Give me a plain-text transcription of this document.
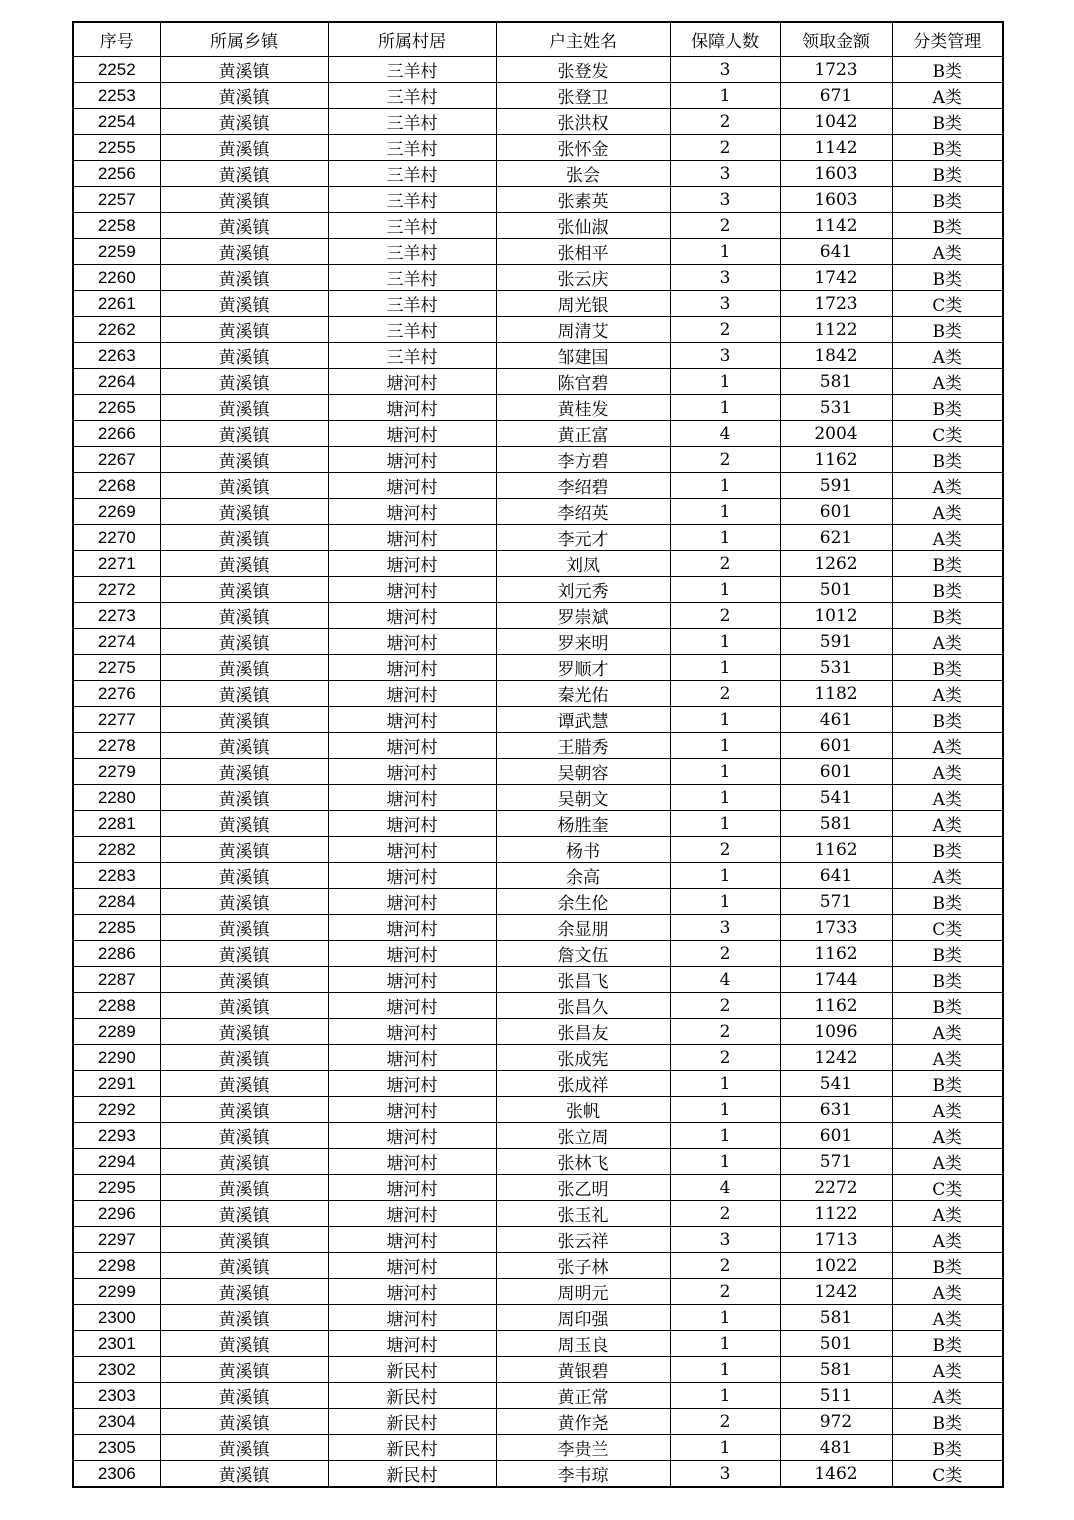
序号	所属乡镇	所属村居	户主姓名	保障人数	领取金额	分类管理
2252	黄溪镇	三羊村	张登发	3	1723	B类
2253	黄溪镇	三羊村	张登卫	1	671	A类
2254	黄溪镇	三羊村	张洪权	2	1042	B类
2255	黄溪镇	三羊村	张怀金	2	1142	B类
2256	黄溪镇	三羊村	张会	3	1603	B类
2257	黄溪镇	三羊村	张素英	3	1603	B类
2258	黄溪镇	三羊村	张仙淑	2	1142	B类
2259	黄溪镇	三羊村	张相平	1	641	A类
2260	黄溪镇	三羊村	张云庆	3	1742	B类
2261	黄溪镇	三羊村	周光银	3	1723	C类
2262	黄溪镇	三羊村	周清艾	2	1122	B类
2263	黄溪镇	三羊村	邹建国	3	1842	A类
2264	黄溪镇	塘河村	陈官碧	1	581	A类
2265	黄溪镇	塘河村	黄桂发	1	531	B类
2266	黄溪镇	塘河村	黄正富	4	2004	C类
2267	黄溪镇	塘河村	李方碧	2	1162	B类
2268	黄溪镇	塘河村	李绍碧	1	591	A类
2269	黄溪镇	塘河村	李绍英	1	601	A类
2270	黄溪镇	塘河村	李元才	1	621	A类
2271	黄溪镇	塘河村	刘凤	2	1262	B类
2272	黄溪镇	塘河村	刘元秀	1	501	B类
2273	黄溪镇	塘河村	罗崇斌	2	1012	B类
2274	黄溪镇	塘河村	罗来明	1	591	A类
2275	黄溪镇	塘河村	罗顺才	1	531	B类
2276	黄溪镇	塘河村	秦光佑	2	1182	A类
2277	黄溪镇	塘河村	谭武慧	1	461	B类
2278	黄溪镇	塘河村	王腊秀	1	601	A类
2279	黄溪镇	塘河村	吴朝容	1	601	A类
2280	黄溪镇	塘河村	吴朝文	1	541	A类
2281	黄溪镇	塘河村	杨胜奎	1	581	A类
2282	黄溪镇	塘河村	杨书	2	1162	B类
2283	黄溪镇	塘河村	余高	1	641	A类
2284	黄溪镇	塘河村	余生伦	1	571	B类
2285	黄溪镇	塘河村	余显朋	3	1733	C类
2286	黄溪镇	塘河村	詹文伍	2	1162	B类
2287	黄溪镇	塘河村	张昌飞	4	1744	B类
2288	黄溪镇	塘河村	张昌久	2	1162	B类
2289	黄溪镇	塘河村	张昌友	2	1096	A类
2290	黄溪镇	塘河村	张成宪	2	1242	A类
2291	黄溪镇	塘河村	张成祥	1	541	B类
2292	黄溪镇	塘河村	张帆	1	631	A类
2293	黄溪镇	塘河村	张立周	1	601	A类
2294	黄溪镇	塘河村	张林飞	1	571	A类
2295	黄溪镇	塘河村	张乙明	4	2272	C类
2296	黄溪镇	塘河村	张玉礼	2	1122	A类
2297	黄溪镇	塘河村	张云祥	3	1713	A类
2298	黄溪镇	塘河村	张子林	2	1022	B类
2299	黄溪镇	塘河村	周明元	2	1242	A类
2300	黄溪镇	塘河村	周印强	1	581	A类
2301	黄溪镇	塘河村	周玉良	1	501	B类
2302	黄溪镇	新民村	黄银碧	1	581	A类
2303	黄溪镇	新民村	黄正常	1	511	A类
2304	黄溪镇	新民村	黄作尧	2	972	B类
2305	黄溪镇	新民村	李贵兰	1	481	B类
2306	黄溪镇	新民村	李韦琼	3	1462	C类
